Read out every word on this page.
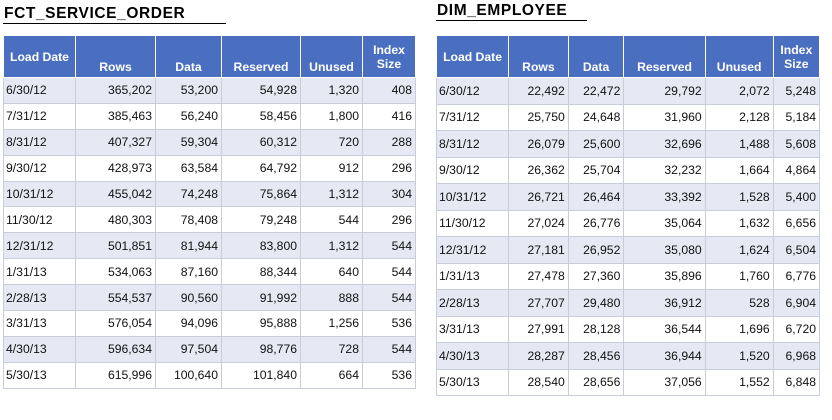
FCT_SERVICE_ORDER
Load Date	Rows	Data	Reserved	Unused	Index Size
6/30/12	365,202	53,200	54,928	1,320	408
7/31/12	385,463	56,240	58,456	1,800	416
8/31/12	407,327	59,304	60,312	720	288
9/30/12	428,973	63,584	64,792	912	296
10/31/12	455,042	74,248	75,864	1,312	304
11/30/12	480,303	78,408	79,248	544	296
12/31/12	501,851	81,944	83,800	1,312	544
1/31/13	534,063	87,160	88,344	640	544
2/28/13	554,537	90,560	91,992	888	544
3/31/13	576,054	94,096	95,888	1,256	536
4/30/13	596,634	97,504	98,776	728	544
5/30/13	615,996	100,640	101,840	664	536
DIM_EMPLOYEE
Load Date	Rows	Data	Reserved	Unused	Index Size
6/30/12	22,492	22,472	29,792	2,072	5,248
7/31/12	25,750	24,648	31,960	2,128	5,184
8/31/12	26,079	25,600	32,696	1,488	5,608
9/30/12	26,362	25,704	32,232	1,664	4,864
10/31/12	26,721	26,464	33,392	1,528	5,400
11/30/12	27,024	26,776	35,064	1,632	6,656
12/31/12	27,181	26,952	35,080	1,624	6,504
1/31/13	27,478	27,360	35,896	1,760	6,776
2/28/13	27,707	29,480	36,912	528	6,904
3/31/13	27,991	28,128	36,544	1,696	6,720
4/30/13	28,287	28,456	36,944	1,520	6,968
5/30/13	28,540	28,656	37,056	1,552	6,848
